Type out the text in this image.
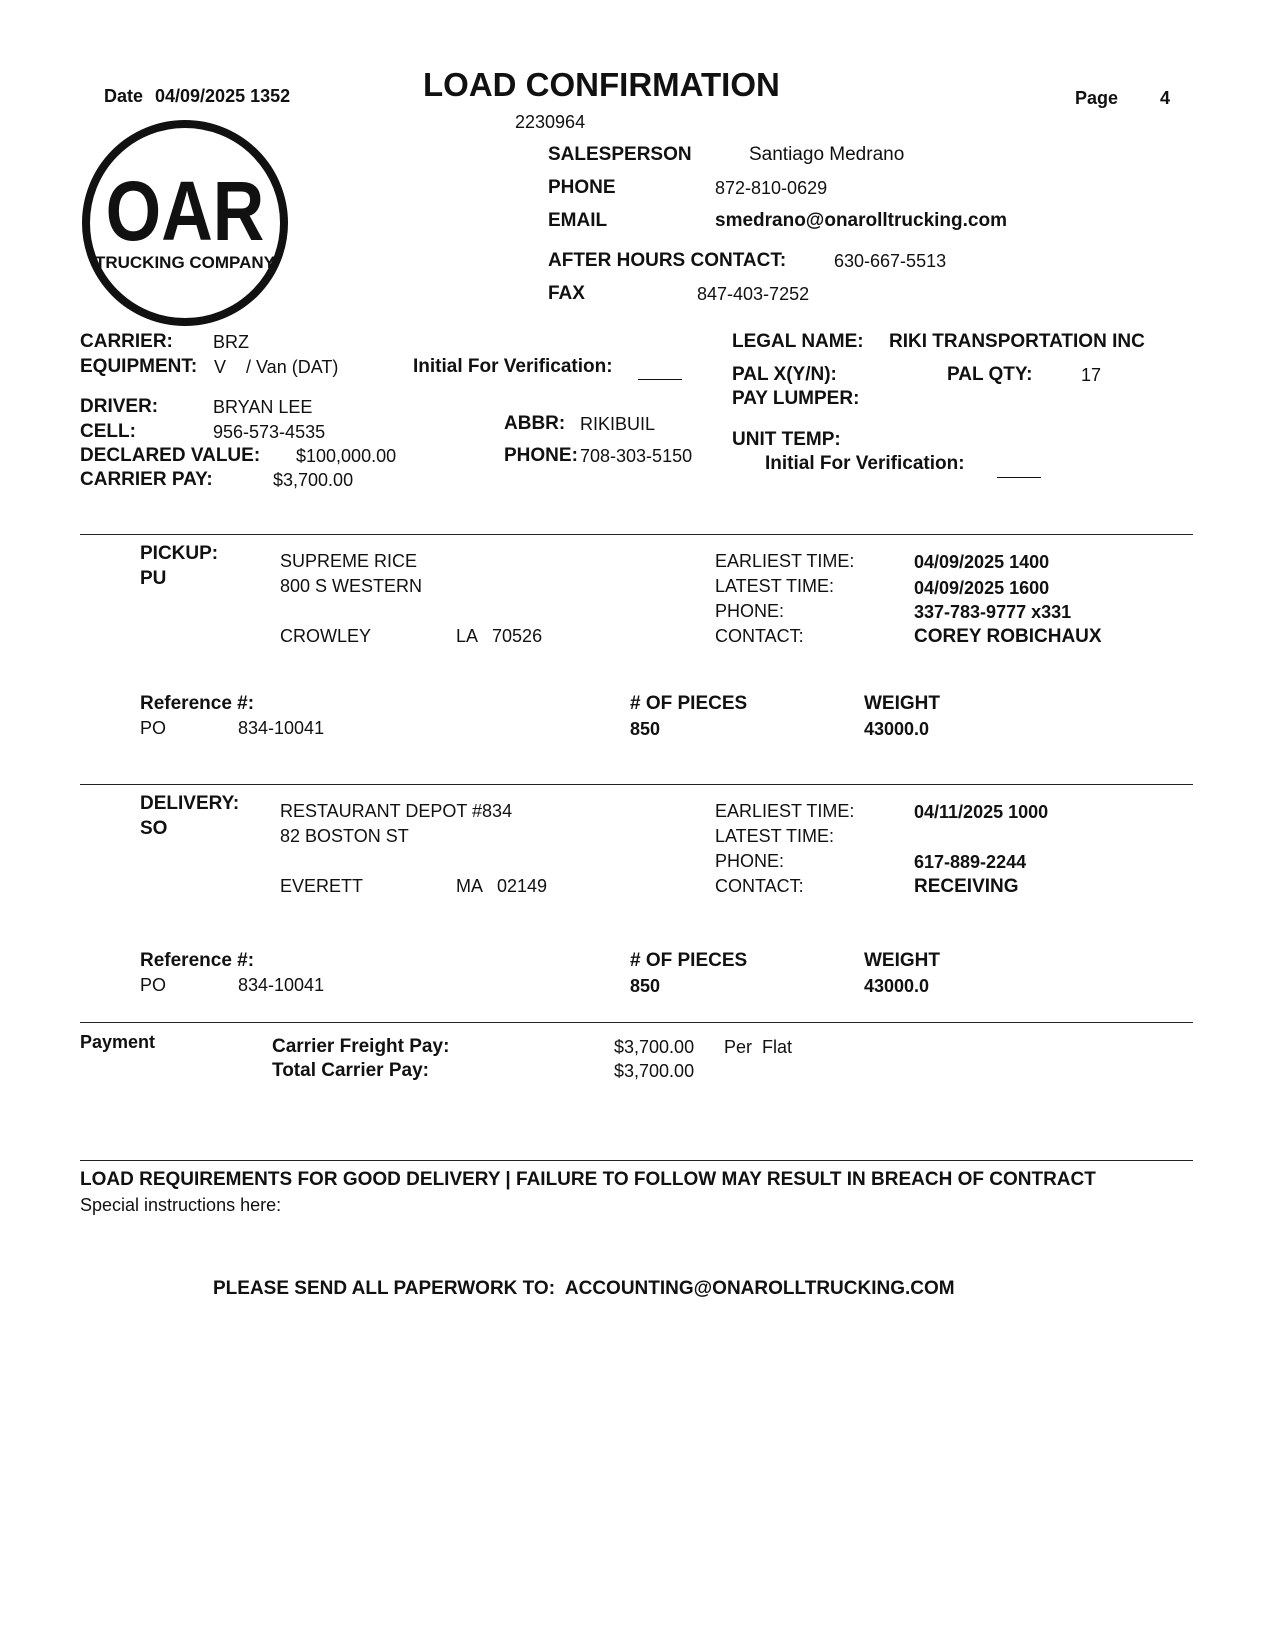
Date 04/09/2025 1352	LOAD CONFIRMATION
2230964
Page 4
OAR
TRUCKING COMPANY
SALESPERSON	Santiago Medrano
PHONE	872-810-0629
EMAIL	smedrano@onarolltrucking.com
AFTER HOURS CONTACT:	630-667-5513
FAX	847-403-7252
CARRIER: BRZ
EQUIPMENT: V    / Van (DAT)	Initial For Verification:
DRIVER:	BRYAN LEE
CELL:	956-573-4535
DECLARED VALUE: $100,000.00
CARRIER PAY:	$3,700.00
ABBR: RIKIBUIL
PHONE: 708-303-5150
LEGAL NAME: RIKI TRANSPORTATION INC
PAL X(Y/N):	PAL QTY:	17
PAY LUMPER:
UNIT TEMP:
Initial For Verification:
PICKUP:
PU
SUPREME RICE
800 S WESTERN
CROWLEY	LA   70526
EARLIEST TIME:	04/09/2025 1400
LATEST TIME:	04/09/2025 1600
PHONE:	337-783-9777 x331
CONTACT:	COREY ROBICHAUX
Reference #:
PO	834-10041
# OF PIECES
850
WEIGHT
43000.0
DELIVERY:
SO
RESTAURANT DEPOT #834
82 BOSTON ST
EVERETT	MA   02149
EARLIEST TIME:	04/11/2025 1000
LATEST TIME:
PHONE:	617-889-2244
CONTACT:	RECEIVING
Reference #:
PO	834-10041
# OF PIECES
850
WEIGHT
43000.0
Payment	Carrier Freight Pay:	$3,700.00 Per  Flat
Total Carrier Pay:	$3,700.00
LOAD REQUIREMENTS FOR GOOD DELIVERY | FAILURE TO FOLLOW MAY RESULT IN BREACH OF CONTRACT
Special instructions here:
PLEASE SEND ALL PAPERWORK TO:  ACCOUNTING@ONAROLLTRUCKING.COM
